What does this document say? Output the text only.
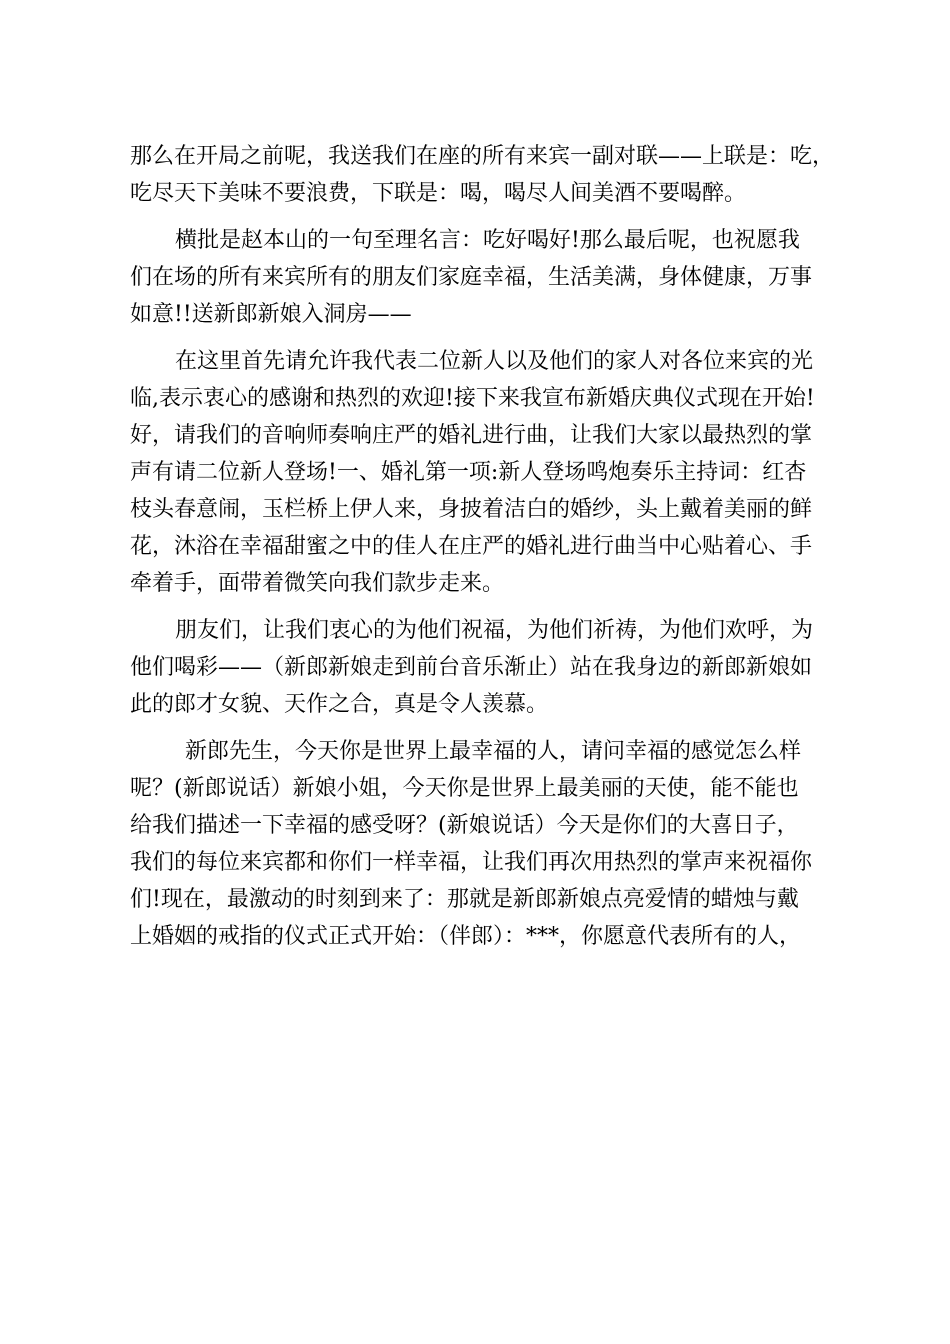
那么在开局之前呢，我送我们在座的所有来宾一副对联——上联是：吃，
吃尽天下美味不要浪费，下联是：喝，喝尽人间美酒不要喝醉。
横批是赵本山的一句至理名言：吃好喝好!那么最后呢，也祝愿我
们在场的所有来宾所有的朋友们家庭幸福，生活美满，身体健康，万事
如意!!送新郎新娘入洞房——
在这里首先请允许我代表二位新人以及他们的家人对各位来宾的光
临,表示衷心的感谢和热烈的欢迎!接下来我宣布新婚庆典仪式现在开始!
好，请我们的音响师奏响庄严的婚礼进行曲，让我们大家以最热烈的掌
声有请二位新人登场!一、婚礼第一项:新人登场鸣炮奏乐主持词：红杏
枝头春意闹，玉栏桥上伊人来，身披着洁白的婚纱，头上戴着美丽的鲜
花，沐浴在幸福甜蜜之中的佳人在庄严的婚礼进行曲当中心贴着心、手
牵着手，面带着微笑向我们款步走来。
朋友们，让我们衷心的为他们祝福，为他们祈祷，为他们欢呼，为
他们喝彩——（新郎新娘走到前台音乐渐止）站在我身边的新郎新娘如
此的郎才女貌、天作之合，真是令人羡慕。
新郎先生，今天你是世界上最幸福的人，请问幸福的感觉怎么样
呢？(新郎说话）新娘小姐，今天你是世界上最美丽的天使，能不能也
给我们描述一下幸福的感受呀？(新娘说话）今天是你们的大喜日子，
我们的每位来宾都和你们一样幸福，让我们再次用热烈的掌声来祝福你
们!现在，最激动的时刻到来了：那就是新郎新娘点亮爱情的蜡烛与戴
上婚姻的戒指的仪式正式开始：（伴郎）：***，你愿意代表所有的人，
